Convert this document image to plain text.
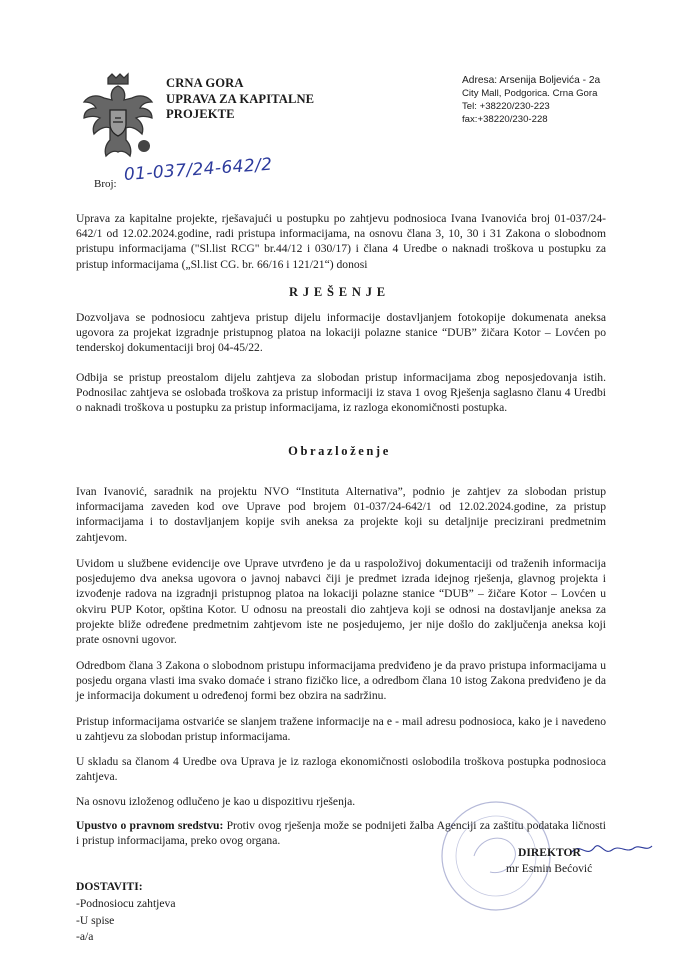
CRNA GORA
UPRAVA ZA KAPITALNE
PROJEKTE
Adresa: Arsenija Boljevića - 2a
City Mall, Podgorica. Crna Gora
Tel: +38220/230-223
fax:+38220/230-228
Broj: 01-037/24-642/2
Uprava za kapitalne projekte, rješavajući u postupku po zahtjevu podnosioca Ivana Ivanovića broj 01-037/24-642/1 od 12.02.2024.godine, radi pristupa informacijama, na osnovu člana 3, 10, 30 i 31 Zakona o slobodnom pristupu informacijama ("Sl.list RCG" br.44/12 i 030/17) i člana 4 Uredbe o naknadi troškova u postupku za pristup informacijama („Sl.list CG. br. 66/16 i 121/21“) donosi
RJEŠENJE
Dozvoljava se podnosiocu zahtjeva pristup dijelu informacije dostavljanjem fotokopije dokumenata aneksa ugovora za projekat izgradnje pristupnog platoa na lokaciji polazne stanice “DUB” žičara Kotor – Lovćen po tenderskoj dokumentaciji broj 04-45/22.
Odbija se pristup preostalom dijelu zahtjeva za slobodan pristup informacijama zbog neposjedovanja istih. Podnosilac zahtjeva se oslobađa troškova za pristup informaciji iz stava 1 ovog Rješenja saglasno članu 4 Uredbi o naknadi troškova u postupku za pristup informacijama, iz razloga ekonomičnosti postupka.
Obrazloženje
Ivan Ivanović, saradnik na projektu NVO “Instituta Alternativa”, podnio je zahtjev za slobodan pristup informacijama zaveden kod ove Uprave pod brojem 01-037/24-642/1 od 12.02.2024.godine, za pristup informacijama i to dostavljanjem kopije svih aneksa za projekte koji su detaljnije precizirani predmetnim zahtjevom.
Uvidom u službene evidencije ove Uprave utvrđeno je da u raspoloživoj dokumentaciji od traženih informacija posjedujemo dva aneksa ugovora o javnoj nabavci čiji je predmet izrada idejnog rješenja, glavnog projekta i izvođenje radova na izgradnji pristupnog platoa na lokaciji polazne stanice “DUB” – žičare Kotor – Lovćen u okviru PUP Kotor, opština Kotor. U odnosu na preostali dio zahtjeva koji se odnosi na dostavljanje aneksa za projekte bliže određene predmetnim zahtjevom iste ne posjedujemo, jer nije došlo do zaključenja aneksa koji prate osnovni ugovor.
Odredbom člana 3 Zakona o slobodnom pristupu informacijama predviđeno je da pravo pristupa informacijama u posjedu organa vlasti ima svako domaće i strano fizičko lice, a odredbom člana 10 istog Zakona predviđeno je da je informacija dokument u određenoj formi bez obzira na sadržinu.
Pristup informacijama ostvariće se slanjem tražene informacije na e - mail adresu podnosioca, kako je i navedeno u zahtjevu za slobodan pristup informacijama.
U skladu sa članom 4 Uredbe ova Uprava je iz razloga ekonomičnosti oslobodila troškova postupka podnosioca zahtjeva.
Na osnovu izloženog odlučeno je kao u dispozitivu rješenja.
Upustvo o pravnom sredstvu: Protiv ovog rješenja može se podnijeti žalba Agenciji za zaštitu podataka ličnosti i pristup informacijama, preko ovog organa.
DIREKTOR
mr Esmin Bećović
DOSTAVITI:
-Podnosiocu zahtjeva
-U spise
-a/a
